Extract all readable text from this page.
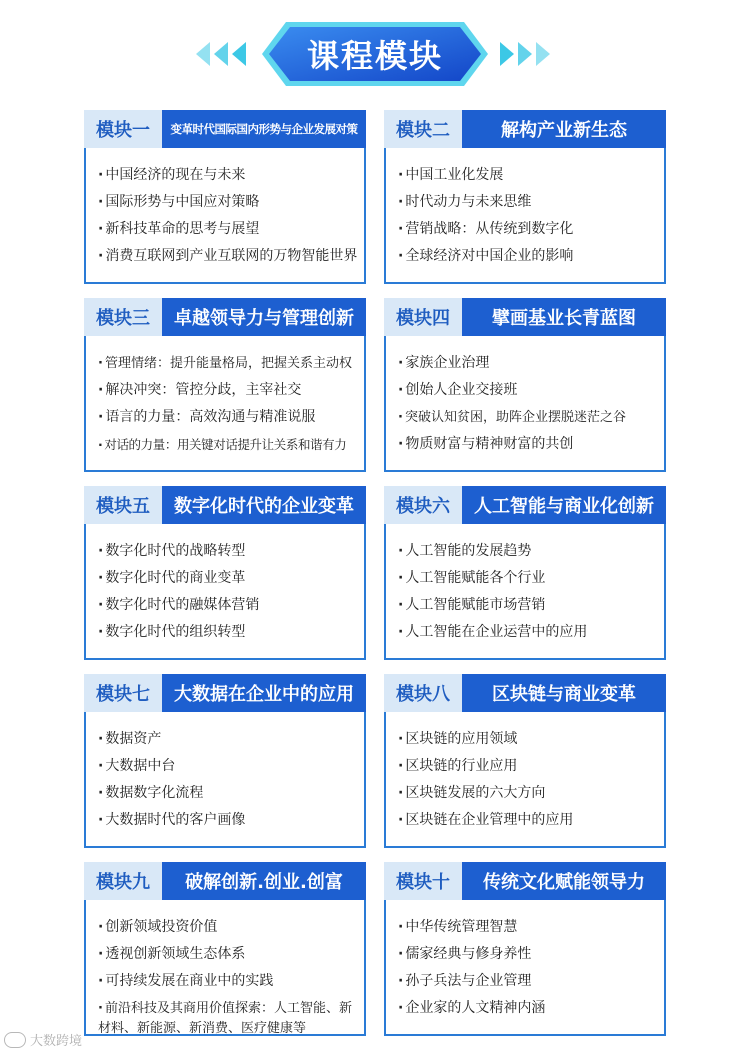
课程模块
模块一	变革时代国际国内形势与企业发展对策
· 中国经济的现在与未来
· 国际形势与中国应对策略
· 新科技革命的思考与展望
· 消费互联网到产业互联网的万物智能世界
模块二	解构产业新生态
· 中国工业化发展
· 时代动力与未来思维
· 营销战略：从传统到数字化
· 全球经济对中国企业的影响
模块三	卓越领导力与管理创新
· 管理情绪：提升能量格局，把握关系主动权
· 解决冲突：管控分歧，主宰社交
· 语言的力量：高效沟通与精准说服
· 对话的力量：用关键对话提升让关系和谐有力
模块四	擘画基业长青蓝图
· 家族企业治理
· 创始人企业交接班
· 突破认知贫困，助阵企业摆脱迷茫之谷
· 物质财富与精神财富的共创
模块五	数字化时代的企业变革
· 数字化时代的战略转型
· 数字化时代的商业变革
· 数字化时代的融媒体营销
· 数字化时代的组织转型
模块六	人工智能与商业化创新
· 人工智能的发展趋势
· 人工智能赋能各个行业
· 人工智能赋能市场营销
· 人工智能在企业运营中的应用
模块七	大数据在企业中的应用
· 数据资产
· 大数据中台
· 数据数字化流程
· 大数据时代的客户画像
模块八	区块链与商业变革
· 区块链的应用领域
· 区块链的行业应用
· 区块链发展的六大方向
· 区块链在企业管理中的应用
模块九	破解创新.创业.创富
· 创新领域投资价值
· 透视创新领域生态体系
· 可持续发展在商业中的实践
· 前沿科技及其商用价值探索：人工智能、新材料、新能源、新消费、医疗健康等
模块十	传统文化赋能领导力
· 中华传统管理智慧
· 儒家经典与修身养性
· 孙子兵法与企业管理
· 企业家的人文精神内涵
大数跨境
